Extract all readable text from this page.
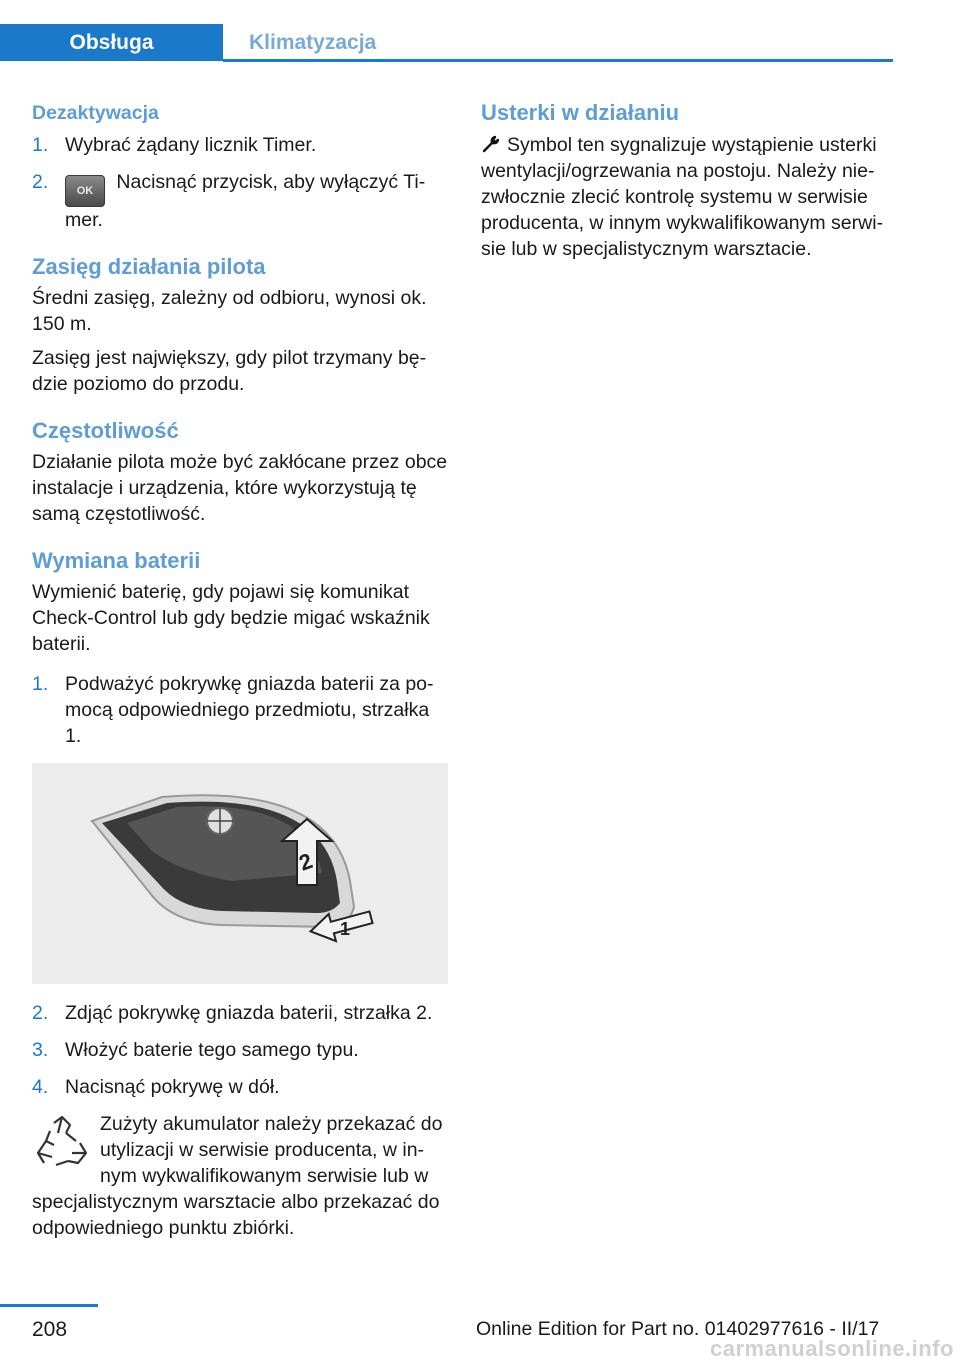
Obsługa	Klimatyzacja
Dezaktywacja
1. Wybrać żądany licznik Timer.
2.	OK Nacisnąć przycisk, aby wyłączyć Timer.
Zasięg działania pilota

Średni zasięg, zależny od odbioru, wynosi ok. 150 m.

Zasięg jest największy, gdy pilot trzymany będzie poziomo do przodu.

Częstotliwość

Działanie pilota może być zakłócane przez obce instalacje i urządzenia, które wykorzystują tę samą częstotliwość.

Wymiana baterii

Wymienić baterię, gdy pojawi się komunikat Check-Control lub gdy będzie migać wskaźnik baterii.

1. Podważyć pokrywkę gniazda baterii za pomocą odpowiedniego przedmiotu, strzałka 1.
2
1
2. Zdjąć pokrywkę gniazda baterii, strzałka 2.
3. Włożyć baterie tego samego typu.
4. Nacisnąć pokrywę w dół.
Zużyty akumulator należy przekazać do utylizacji w serwisie producenta, w innym wykwalifikowanym serwisie lub w specjalistycznym warsztacie albo przekazać do odpowiedniego punktu zbiórki.
Usterki w działaniu

Symbol ten sygnalizuje wystąpienie usterki wentylacji/ogrzewania na postoju. Należy niezwłocznie zlecić kontrolę systemu w serwisie producenta, w innym wykwalifikowanym serwisie lub w specjalistycznym warsztacie.

208	Online Edition for Part no. 01402977616 - II/17
carmanualsonline.info
